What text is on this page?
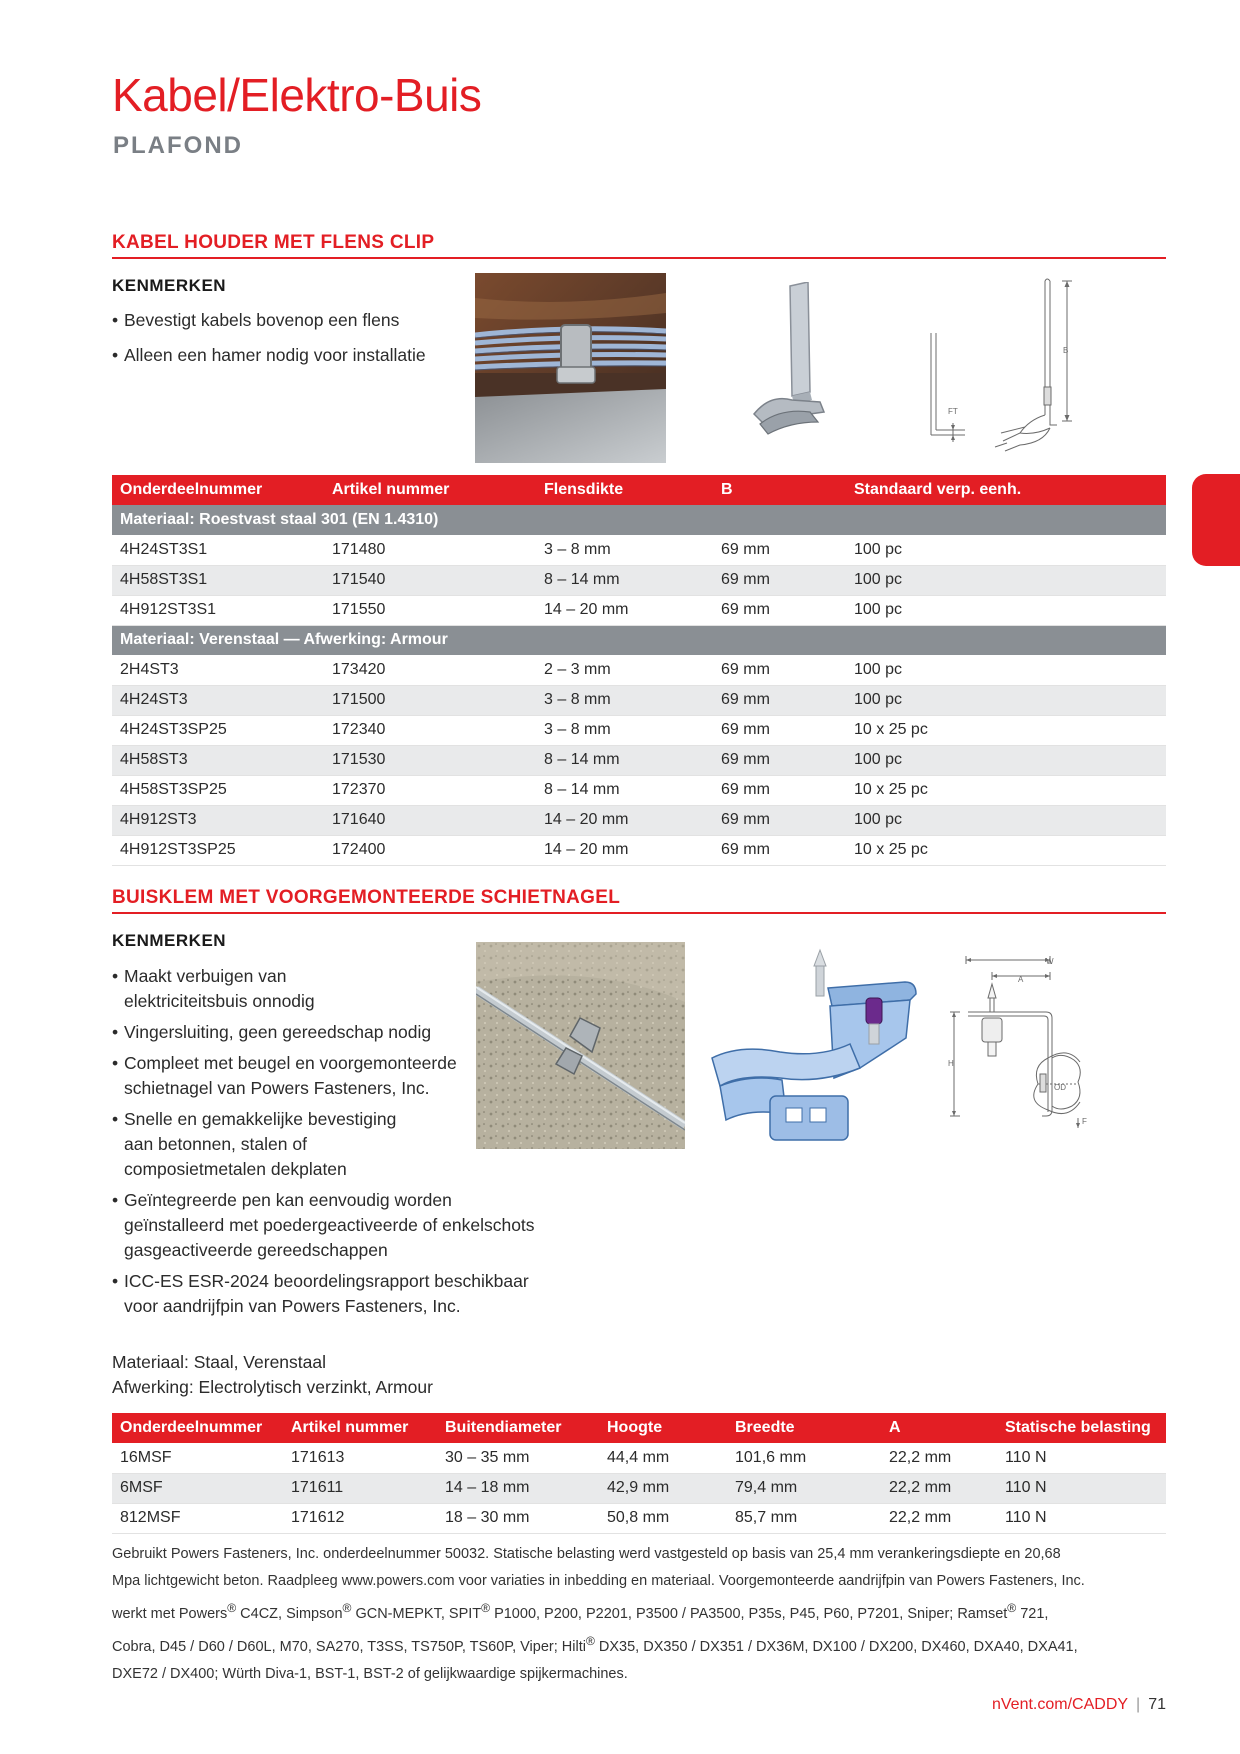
Kabel/Elektro-Buis
PLAFOND
KABEL HOUDER MET FLENS CLIP
KENMERKEN
• Bevestigt kabels bovenop een flens
• Alleen een hamer nodig voor installatie	B
FT
Onderdeelnummer	Artikel nummer	Flensdikte	B	Standaard verp. eenh.
Materiaal: Roestvast staal 301 (EN 1.4310)				
4H24ST3S1	171480	3 – 8 mm	69 mm	100 pc
4H58ST3S1	171540	8 – 14 mm	69 mm	100 pc
4H912ST3S1	171550	14 – 20 mm	69 mm	100 pc
Materiaal: Verenstaal — Afwerking: Armour				
2H4ST3	173420	2 – 3 mm	69 mm	100 pc
4H24ST3	171500	3 – 8 mm	69 mm	100 pc
4H24ST3SP25	172340	3 – 8 mm	69 mm	10 x 25 pc
4H58ST3	171530	8 – 14 mm	69 mm	100 pc
4H58ST3SP25	172370	8 – 14 mm	69 mm	10 x 25 pc
4H912ST3	171640	14 – 20 mm	69 mm	100 pc
4H912ST3SP25	172400	14 – 20 mm	69 mm	10 x 25 pc
BUISKLEM MET VOORGEMONTEERDE SCHIETNAGEL
KENMERKEN
• Maakt verbuigen van
elektriciteitsbuis onnodig
• Vingersluiting, geen gereedschap nodig
• Compleet met beugel en voorgemonteerde
schietnagel van Powers Fasteners, Inc.
• Snelle en gemakkelijke bevestiging
aan betonnen, stalen of
composietmetalen dekplaten
• Geïntegreerde pen kan eenvoudig worden
geïnstalleerd met poedergeactiveerde of enkelschots
gasgeactiveerde gereedschappen
• ICC-ES ESR-2024 beoordelingsrapport beschikbaar
voor aandrijfpin van Powers Fasteners, Inc.
W
A
H
OD
F
Materiaal: Staal, Verenstaal
Afwerking: Electrolytisch verzinkt, Armour
Onderdeelnummer	Artikel nummer	Buitendiameter	Hoogte	Breedte	A	Statische belasting
16MSF	171613	30 – 35 mm	44,4 mm	101,6 mm	22,2 mm	110 N
6MSF	171611	14 – 18 mm	42,9 mm	79,4 mm	22,2 mm	110 N
812MSF	171612	18 – 30 mm	50,8 mm	85,7 mm	22,2 mm	110 N
Gebruikt Powers Fasteners, Inc. onderdeelnummer 50032. Statische belasting werd vastgesteld op basis van 25,4 mm verankeringsdiepte en 20,68
Mpa lichtgewicht beton. Raadpleeg www.powers.com voor variaties in inbedding en materiaal. Voorgemonteerde aandrijfpin van Powers Fasteners, Inc.
werkt met Powers® C4CZ, Simpson® GCN-MEPKT, SPIT® P1000, P200, P2201, P3500 / PA3500, P35s, P45, P60, P7201, Sniper; Ramset® 721,
Cobra, D45 / D60 / D60L, M70, SA270, T3SS, TS750P, TS60P, Viper; Hilti® DX35, DX350 / DX351 / DX36M, DX100 / DX200, DX460, DXA40, DXA41,
DXE72 / DX400; Würth Diva-1, BST-1, BST-2 of gelijkwaardige spijkermachines.
nVent.com/CADDY | 71
